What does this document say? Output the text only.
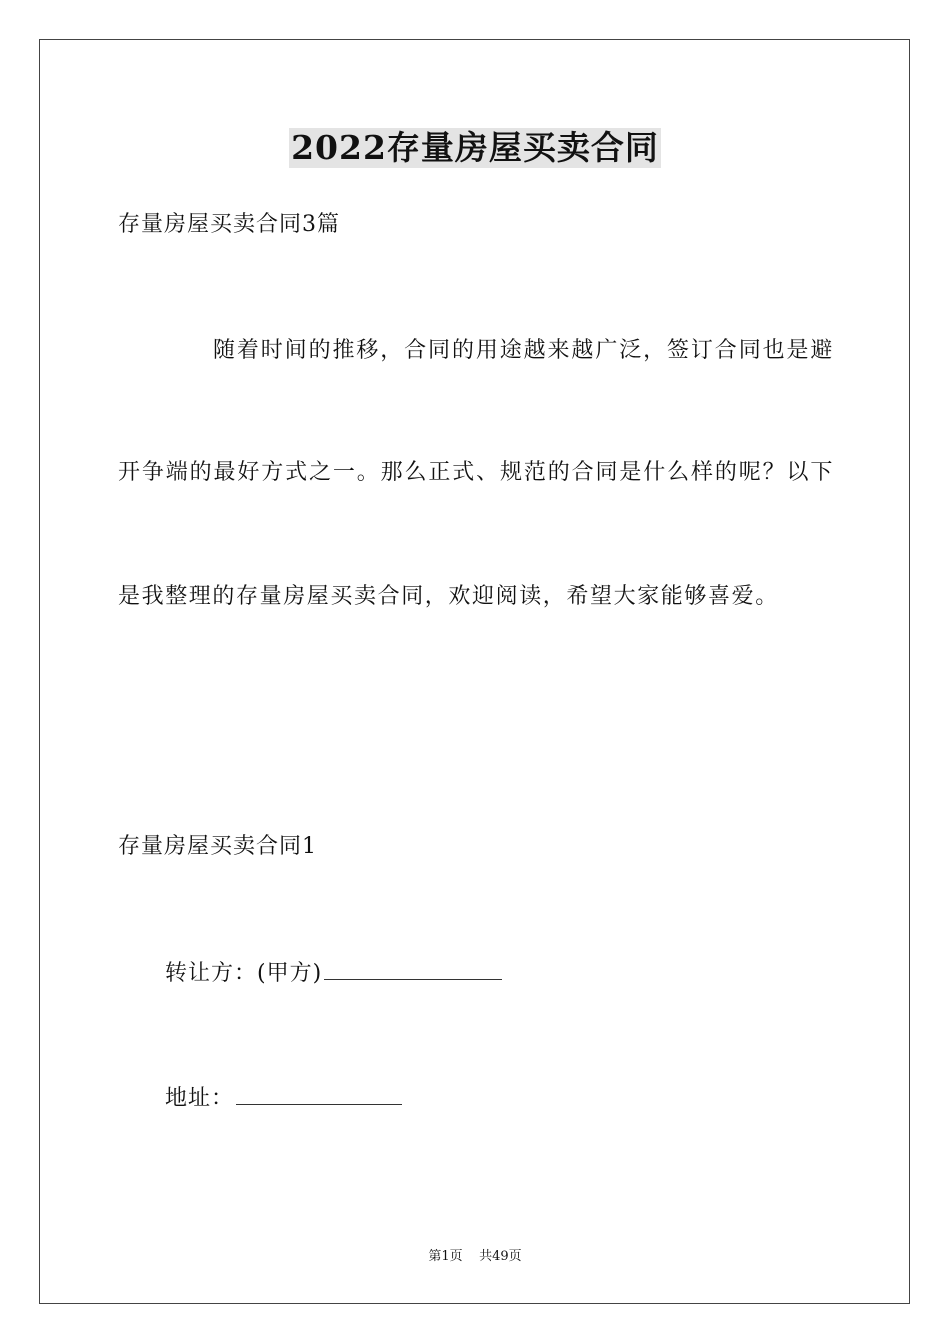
2022存量房屋买卖合同
存量房屋买卖合同3篇
随着时间的推移，合同的用途越来越广泛，签订合同也是避
开争端的最好方式之一。那么正式、规范的合同是什么样的呢？以下
是我整理的存量房屋买卖合同，欢迎阅读，希望大家能够喜爱。
存量房屋买卖合同1
转让方：(甲方)
地址：
第1页    共49页
